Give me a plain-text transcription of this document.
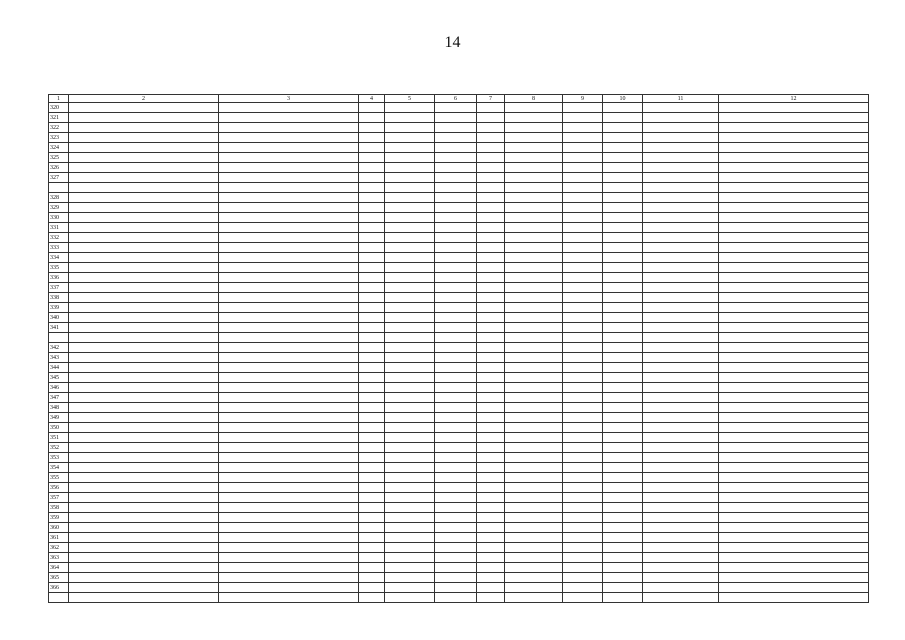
14
1	2	3	4	5	6	7	8	9	10	11	12
320											
321											
322											
323											
324											
325											
326											
327											

328											
329											
330											
331											
332											
333											
334											
335											
336											
337											
338											
339											
340											
341											

342											
343											
344											
345											
346											
347											
348											
349											
350											
351											
352											
353											
354											
355											
356											
357											
358											
359											
360											
361											
362											
363											
364											
365											
366											
